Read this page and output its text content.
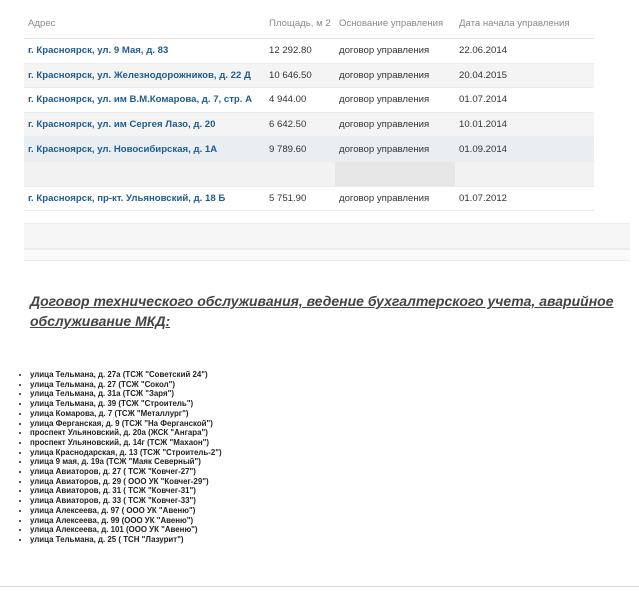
Адрес	Площадь, м 2	Основание управления	Дата начала управления
г. Красноярск, ул. 9 Мая, д. 83	12 292.80	договор управления	22.06.2014
г. Красноярск, ул. Железнодорожников, д. 22 Д	10 646.50	договор управления	20.04.2015
г. Красноярск, ул. им В.М.Комарова, д. 7, стр. А	4 944.00	договор управления	01.07.2014
г. Красноярск, ул. им Сергея Лазо, д. 20	6 642.50	договор управления	10.01.2014
г. Красноярск, ул. Новосибирская, д. 1А	9 789.60	договор управления	01.09.2014

г. Красноярск, пр-кт. Ульяновский, д. 18 Б	5 751.90	договор управления	01.07.2012
Договор технического обслуживания, ведение бухгалтерского учета, аварийное обслуживание МКД:
• улица Тельмана, д. 27а (ТСЖ "Советский 24")
• улица Тельмана, д. 27 (ТСЖ "Сокол")
• улица Тельмана, д. 31а (ТСЖ "Заря")
• улица Тельмана, д. 39 (ТСЖ "Строитель")
• улица Комарова, д. 7 (ТСЖ "Металлург")
• улица Ферганская, д. 9 (ТСЖ "На Ферганской")
• проспект Ульяновский, д. 20а (ЖСК "Ангара")
• проспект Ульяновский, д. 14г (ТСЖ "Махаон")
• улица Краснодарская, д. 13 (ТСЖ "Строитель-2")
• улица 9 мая, д. 19а (ТСЖ "Маяк Северный")
• улица Авиаторов, д. 27 ( ТСЖ "Ковчег-27")
• улица Авиаторов, д. 29 ( ООО УК "Ковчег-29")
• улица Авиаторов, д. 31 ( ТСЖ "Ковчег-31")
• улица Авиаторов, д. 33 ( ТСЖ "Ковчег-33")
• улица Алексеева, д. 97 ( ООО УК "Авеню")
• улица Алексеева, д. 99 (ООО УК "Авеню")
• улица Алексеева, д. 101 (ООО УК "Авеню")
• улица Тельмана, д. 25 ( ТСН "Лазурит")
